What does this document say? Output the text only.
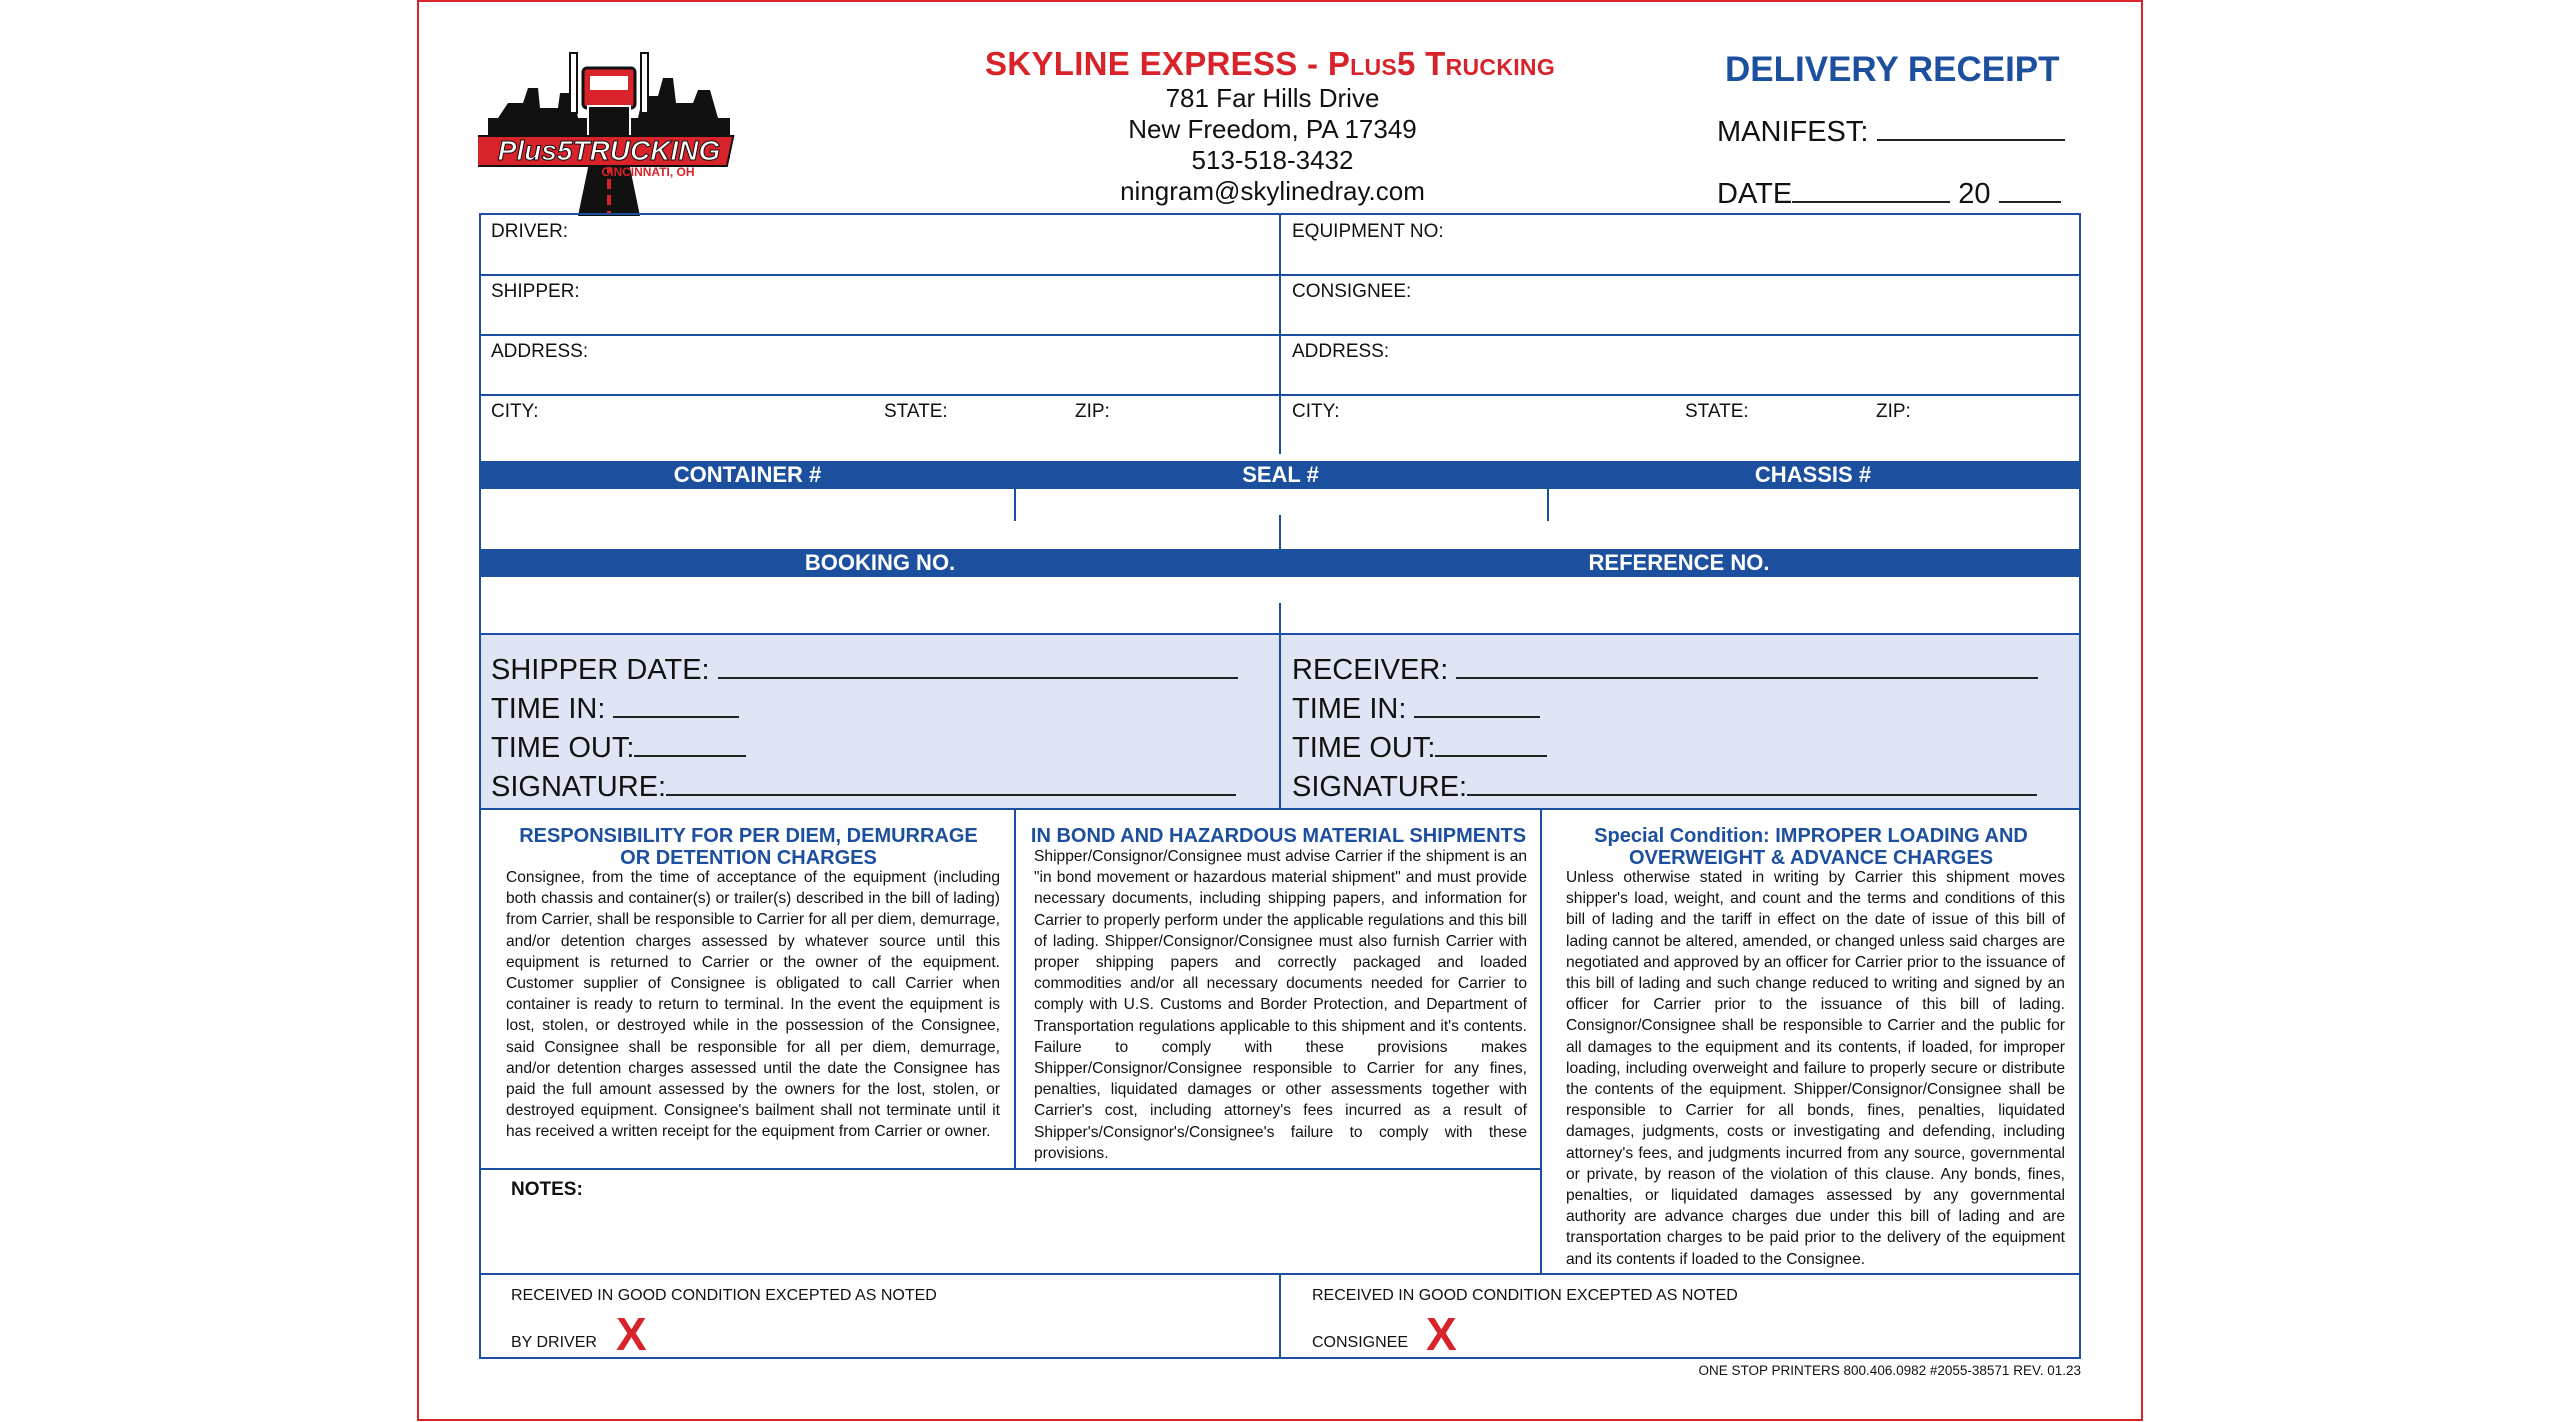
Plus5TRUCKING
CINCINNATI, OH
SKYLINE EXPRESS - Plus5 Trucking
781 Far Hills Drive
New Freedom, PA 17349
513-518-3432
ningram@skylinedray.com
DELIVERY RECEIPT
MANIFEST:
DATE	20
DRIVER:	EQUIPMENT NO:
SHIPPER:	CONSIGNEE:
ADDRESS:	ADDRESS:
CITY:	STATE:	ZIP:	CITY:	STATE:	ZIP:
CONTAINER #	SEAL #	CHASSIS #
BOOKING NO.	REFERENCE NO.
SHIPPER DATE:
TIME IN:
TIME OUT:
SIGNATURE:
RECEIVER:
TIME IN:
TIME OUT:
SIGNATURE:
RESPONSIBILITY FOR PER DIEM, DEMURRAGE OR DETENTION CHARGES
Consignee, from the time of acceptance of the equipment (including both chassis and container(s) or trailer(s) described in the bill of lading) from Carrier, shall be responsible to Carrier for all per diem, demurrage, and/or detention charges assessed by whatever source until this equipment is returned to Carrier or the owner of the equipment. Customer supplier of Consignee is obligated to call Carrier when container is ready to return to terminal. In the event the equipment is lost, stolen, or destroyed while in the possession of the Consignee, said Consignee shall be responsible for all per diem, demurrage, and/or detention charges assessed until the date the Consignee has paid the full amount assessed by the owners for the lost, stolen, or destroyed equipment. Consignee's bailment shall not terminate until it has received a written receipt for the equipment from Carrier or owner.
IN BOND AND HAZARDOUS MATERIAL SHIPMENTS
Shipper/Consignor/Consignee must advise Carrier if the shipment is an "in bond movement or hazardous material shipment" and must provide necessary documents, including shipping papers, and information for Carrier to properly perform under the applicable regulations and this bill of lading. Shipper/Consignor/Consignee must also furnish Carrier with proper shipping papers and correctly packaged and loaded commodities and/or all necessary documents needed for Carrier to comply with U.S. Customs and Border Protection, and Department of Transportation regulations applicable to this shipment and it's contents. Failure to comply with these provisions makes Shipper/Consignor/Consignee responsible to Carrier for any fines, penalties, liquidated damages or other assessments together with Carrier's cost, including attorney's fees incurred as a result of Shipper's/Consignor's/Consignee's failure to comply with these provisions.
Special Condition: IMPROPER LOADING AND OVERWEIGHT & ADVANCE CHARGES
Unless otherwise stated in writing by Carrier this shipment moves shipper's load, weight, and count and the terms and conditions of this bill of lading and the tariff in effect on the date of issue of this bill of lading cannot be altered, amended, or changed unless said charges are negotiated and approved by an officer for Carrier prior to the issuance of this bill of lading and such change reduced to writing and signed by an officer for Carrier prior to the issuance of this bill of lading. Consignor/Consignee shall be responsible to Carrier and the public for all damages to the equipment and its contents, if loaded, for improper loading, including overweight and failure to properly secure or distribute the contents of the equipment. Shipper/Consignor/Consignee shall be responsible to Carrier for all bonds, fines, penalties, liquidated damages, judgments, costs or investigating and defending, including attorney's fees, and judgments incurred from any source, governmental or private, by reason of the violation of this clause. Any bonds, fines, penalties, or liquidated damages assessed by any governmental authority are advance charges due under this bill of lading and are transportation charges to be paid prior to the delivery of the equipment and its contents if loaded to the Consignee.
NOTES:
RECEIVED IN GOOD CONDITION EXCEPTED AS NOTED
BY DRIVER X
RECEIVED IN GOOD CONDITION EXCEPTED AS NOTED
CONSIGNEE X
ONE STOP PRINTERS 800.406.0982 #2055-38571 REV. 01.23
